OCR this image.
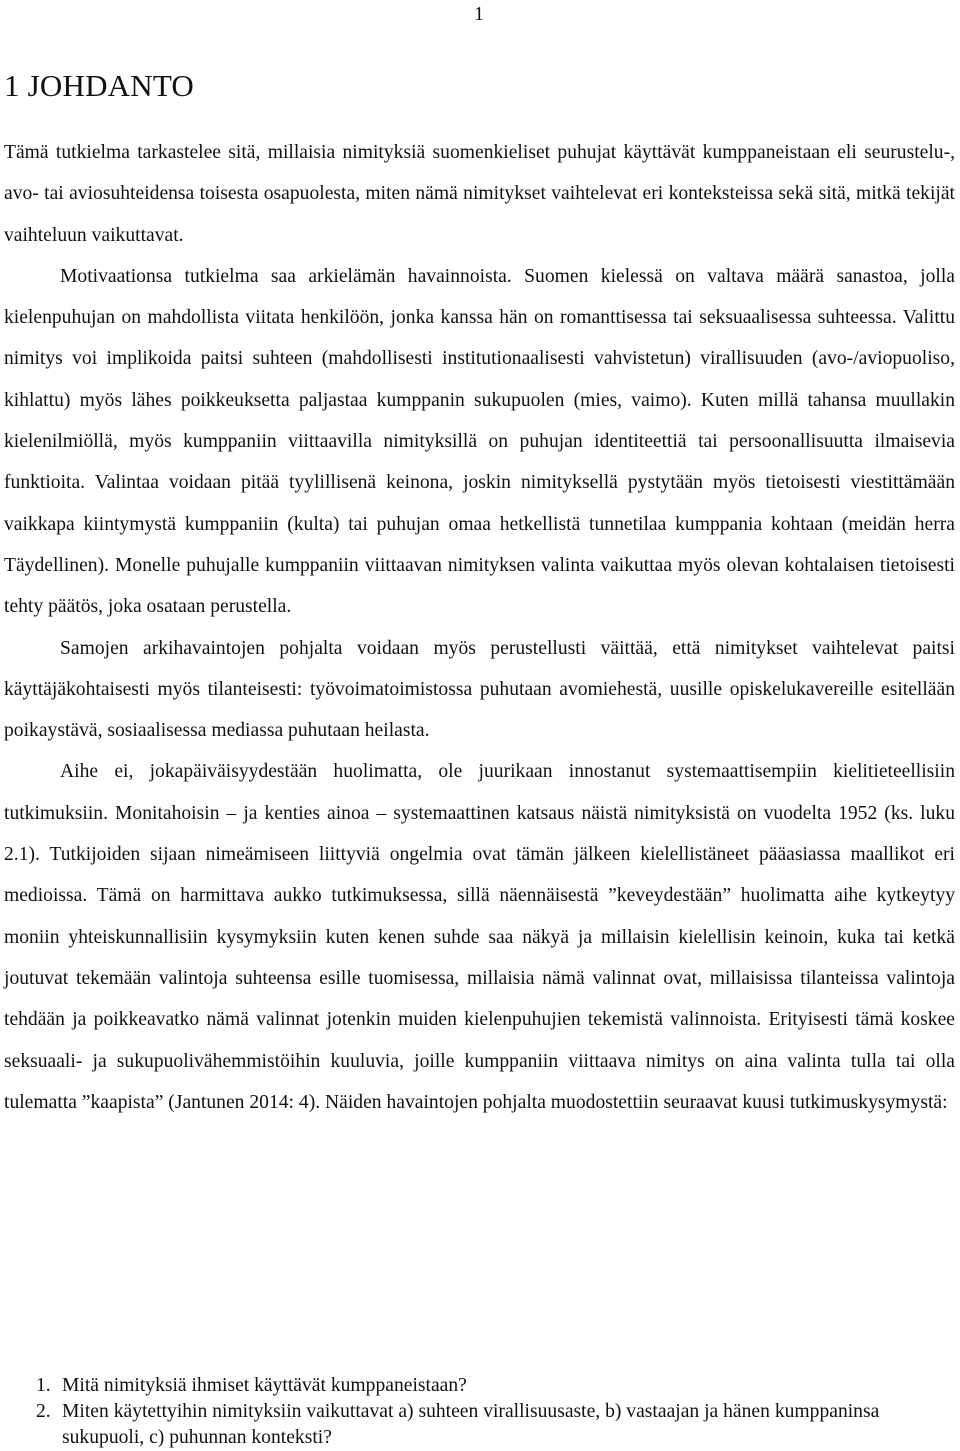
1
1 JOHDANTO

Tämä tutkielma tarkastelee sitä, millaisia nimityksiä suomenkieliset puhujat käyttävät kumppaneistaan eli seurustelu-, avo- tai aviosuhteidensa toisesta osapuolesta, miten nämä nimitykset vaihtelevat eri konteksteissa sekä sitä, mitkä tekijät vaihteluun vaikuttavat.

Motivaationsa tutkielma saa arkielämän havainnoista. Suomen kielessä on valtava määrä sanastoa, jolla kielenpuhujan on mahdollista viitata henkilöön, jonka kanssa hän on romanttisessa tai seksuaalisessa suhteessa. Valittu nimitys voi implikoida paitsi suhteen (mahdollisesti institutionaalisesti vahvistetun) virallisuuden (avo-/aviopuoliso, kihlattu) myös lähes poikkeuksetta paljastaa kumppanin sukupuolen (mies, vaimo). Kuten millä tahansa muullakin kielenilmiöllä, myös kumppaniin viittaavilla nimityksillä on puhujan identiteettiä tai persoonallisuutta ilmaisevia funktioita. Valintaa voidaan pitää tyylillisenä keinona, joskin nimityksellä pystytään myös tietoisesti viestittämään vaikkapa kiintymystä kumppaniin (kulta) tai puhujan omaa hetkellistä tunnetilaa kumppania kohtaan (meidän herra Täydellinen). Monelle puhujalle kumppaniin viittaavan nimityksen valinta vaikuttaa myös olevan kohtalaisen tietoisesti tehty päätös, joka osataan perustella.

Samojen arkihavaintojen pohjalta voidaan myös perustellusti väittää, että nimitykset vaihtelevat paitsi käyttäjäkohtaisesti myös tilanteisesti: työvoimatoimistossa puhutaan avomiehestä, uusille opiskelukavereille esitellään poikaystävä, sosiaalisessa mediassa puhutaan heilasta.

Aihe ei, jokapäiväisyydestään huolimatta, ole juurikaan innostanut systemaattisempiin kielitieteellisiin tutkimuksiin. Monitahoisin – ja kenties ainoa – systemaattinen katsaus näistä nimityksistä on vuodelta 1952 (ks. luku 2.1). Tutkijoiden sijaan nimeämiseen liittyviä ongelmia ovat tämän jälkeen kielellistäneet pääasiassa maallikot eri medioissa. Tämä on harmittava aukko tutkimuksessa, sillä näennäisestä ”keveydestään” huolimatta aihe kytkeytyy moniin yhteiskunnallisiin kysymyksiin kuten kenen suhde saa näkyä ja millaisin kielellisin keinoin, kuka tai ketkä joutuvat tekemään valintoja suhteensa esille tuomisessa, millaisia nämä valinnat ovat, millaisissa tilanteissa valintoja tehdään ja poikkeavatko nämä valinnat jotenkin muiden kielenpuhujien tekemistä valinnoista. Erityisesti tämä koskee seksuaali- ja sukupuolivähemmistöihin kuuluvia, joille kumppaniin viittaava nimitys on aina valinta tulla tai olla tulematta ”kaapista” (Jantunen 2014: 4). Näiden havaintojen pohjalta muodostettiin seuraavat kuusi tutkimuskysymystä:

1. Mitä nimityksiä ihmiset käyttävät kumppaneistaan?
2. Miten käytettyihin nimityksiin vaikuttavat a) suhteen virallisuusaste, b) vastaajan ja hänen kumppaninsa sukupuoli, c) puhunnan konteksti?
